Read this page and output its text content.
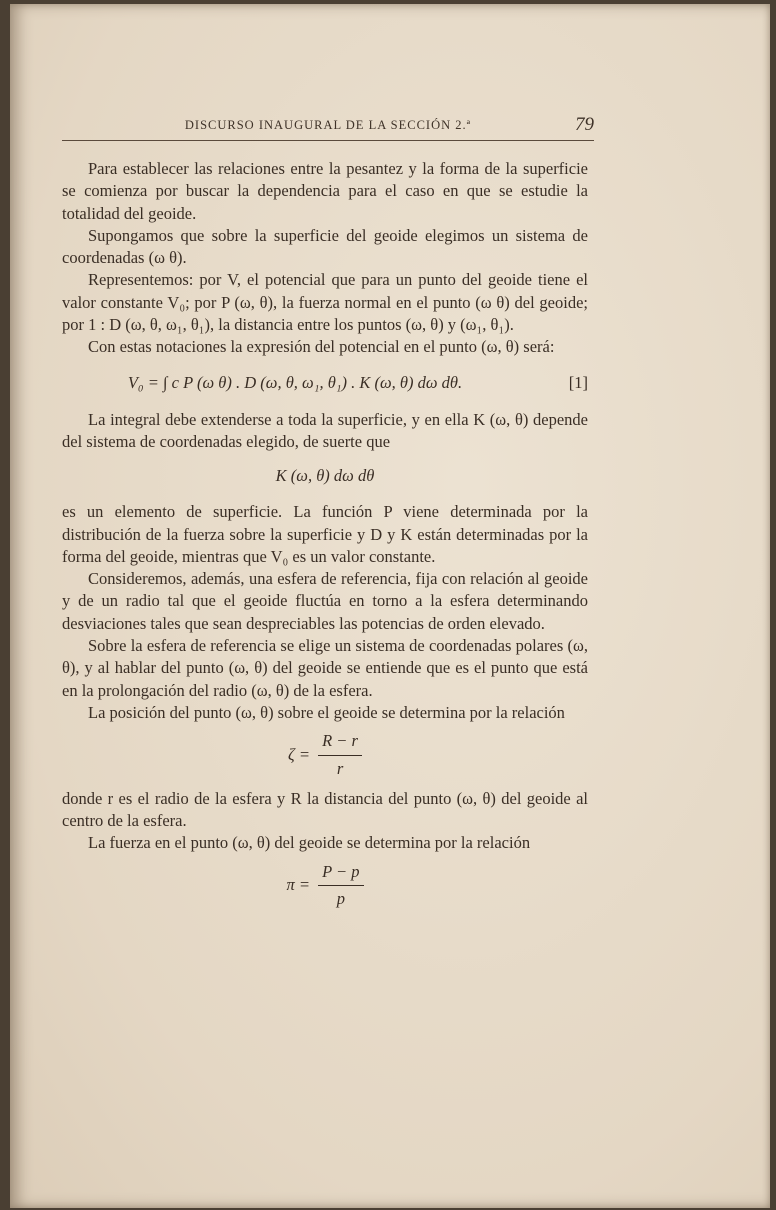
DISCURSO INAUGURAL DE LA SECCIÓN 2.ª	79

Para establecer las relaciones entre la pesantez y la forma de la superficie se comienza por buscar la dependencia para el caso en que se estudie la totalidad del geoide.

Supongamos que sobre la superficie del geoide elegimos un sistema de coordenadas (ω θ).

Representemos: por V, el potencial que para un punto del geoide tiene el valor constante V₀; por P (ω, θ), la fuerza normal en el punto (ω θ) del geoide; por 1 : D (ω, θ, ω₁, θ₁), la distancia entre los puntos (ω, θ) y (ω₁, θ₁).

Con estas notaciones la expresión del potencial en el punto (ω, θ) será:

V₀ = ∫ c P (ω θ) . D (ω, θ, ω₁, θ₁) . K (ω, θ) dω dθ.	[1]

La integral debe extenderse a toda la superficie, y en ella K (ω, θ) depende del sistema de coordenadas elegido, de suerte que

K (ω, θ) dω dθ

es un elemento de superficie. La función P viene determinada por la distribución de la fuerza sobre la superficie y D y K están determinadas por la forma del geoide, mientras que V₀ es un valor constante.

Consideremos, además, una esfera de referencia, fija con relación al geoide y de un radio tal que el geoide fluctúa en torno a la esfera determinando desviaciones tales que sean despreciables las potencias de orden elevado.

Sobre la esfera de referencia se elige un sistema de coordenadas polares (ω, θ), y al hablar del punto (ω, θ) del geoide se entiende que es el punto que está en la prolongación del radio (ω, θ) de la esfera.

La posición del punto (ω, θ) sobre el geoide se determina por la relación

$\zeta = \frac{R - r}{r}$

donde r es el radio de la esfera y R la distancia del punto (ω, θ) del geoide al centro de la esfera.

La fuerza en el punto (ω, θ) del geoide se determina por la relación

$\pi = \frac{P - p}{p}$
